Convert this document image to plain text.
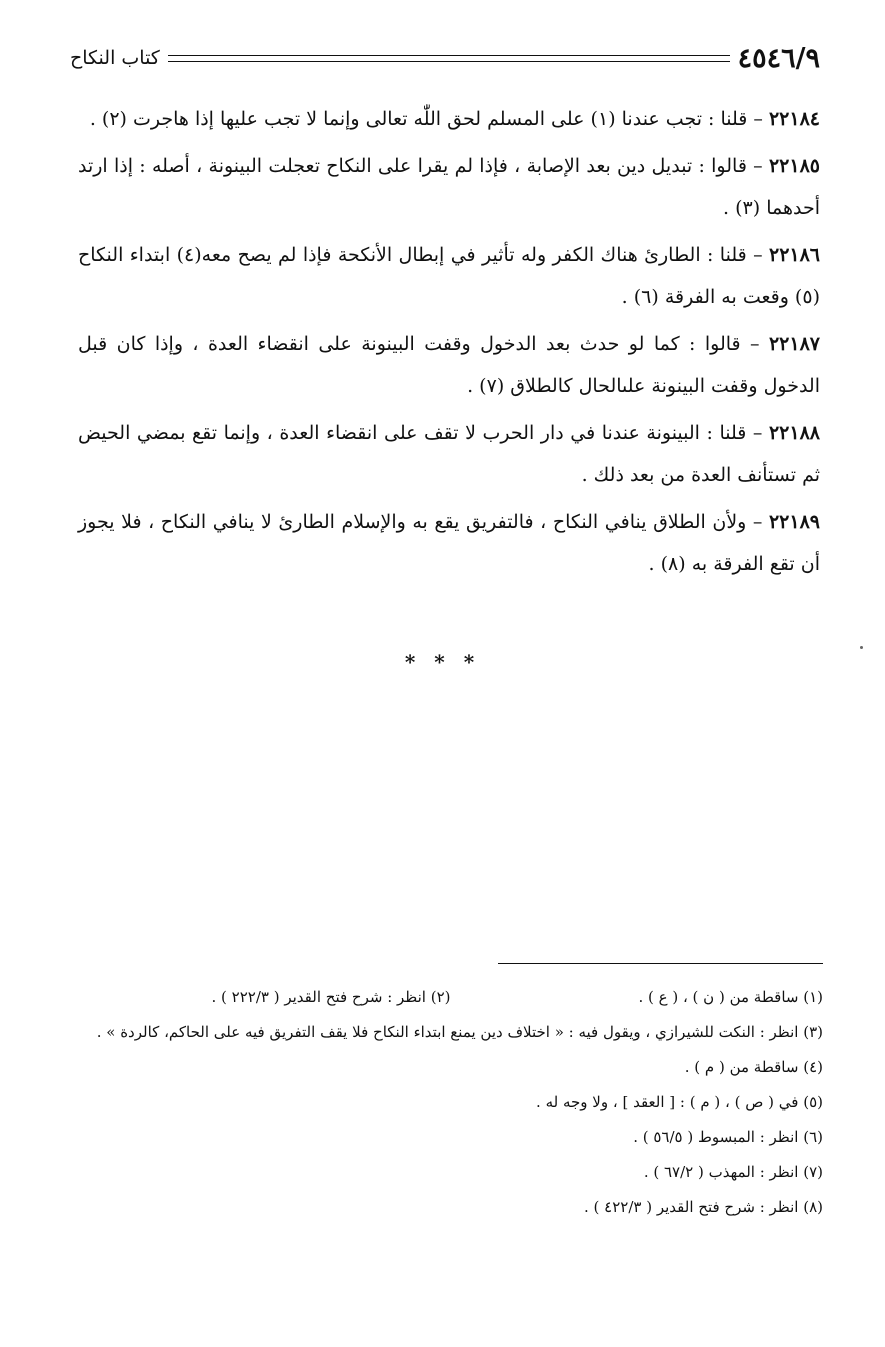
٤٥٤٦/٩
كتاب النكاح

٢٢١٨٤ – قلنا : تجب عندنا (١) على المسلم لحق اللّٰه تعالى وإنما لا تجب عليها إذا هاجرت (٢) .

٢٢١٨٥ – قالوا : تبديل دين بعد الإصابة ، فإذا لم يقرا على النكاح تعجلت البينونة ، أصله : إذا ارتد أحدهما (٣) .

٢٢١٨٦ – قلنا : الطارئ هناك الكفر وله تأثير في إبطال الأنكحة فإذا لم يصح معه(٤) ابتداء النكاح (٥) وقعت به الفرقة (٦) .

٢٢١٨٧ – قالوا : كما لو حدث بعد الدخول وقفت البينونة على انقضاء العدة ، وإذا كان قبل الدخول وقفت البينونة علىالحال كالطلاق (٧) .

٢٢١٨٨ – قلنا : البينونة عندنا في دار الحرب لا تقف على انقضاء العدة ، وإنما تقع بمضي الحيض ثم تستأنف العدة من بعد ذلك .

٢٢١٨٩ – ولأن الطلاق ينافي النكاح ، فالتفريق يقع به والإسلام الطارئ لا ينافي النكاح ، فلا يجوز أن تقع الفرقة به (٨) .

* * *
(١) ساقطة من ( ن ) ، ( ع ) .
(٢) انظر : شرح فتح القدير ( ٢٢٢/٣ ) .

(٣) انظر : النكت للشيرازي ، ويقول فيه : « اختلاف دين يمنع ابتداء النكاح فلا يقف التفريق فيه على الحاكم، كالردة » .

(٤) ساقطة من ( م ) .

(٥) في ( ص ) ، ( م ) : [ العقد ] ، ولا وجه له .

(٦) انظر : المبسوط ( ٥٦/٥ ) .

(٧) انظر : المهذب ( ٦٧/٢ ) .

(٨) انظر : شرح فتح القدير ( ٤٢٢/٣ ) .
